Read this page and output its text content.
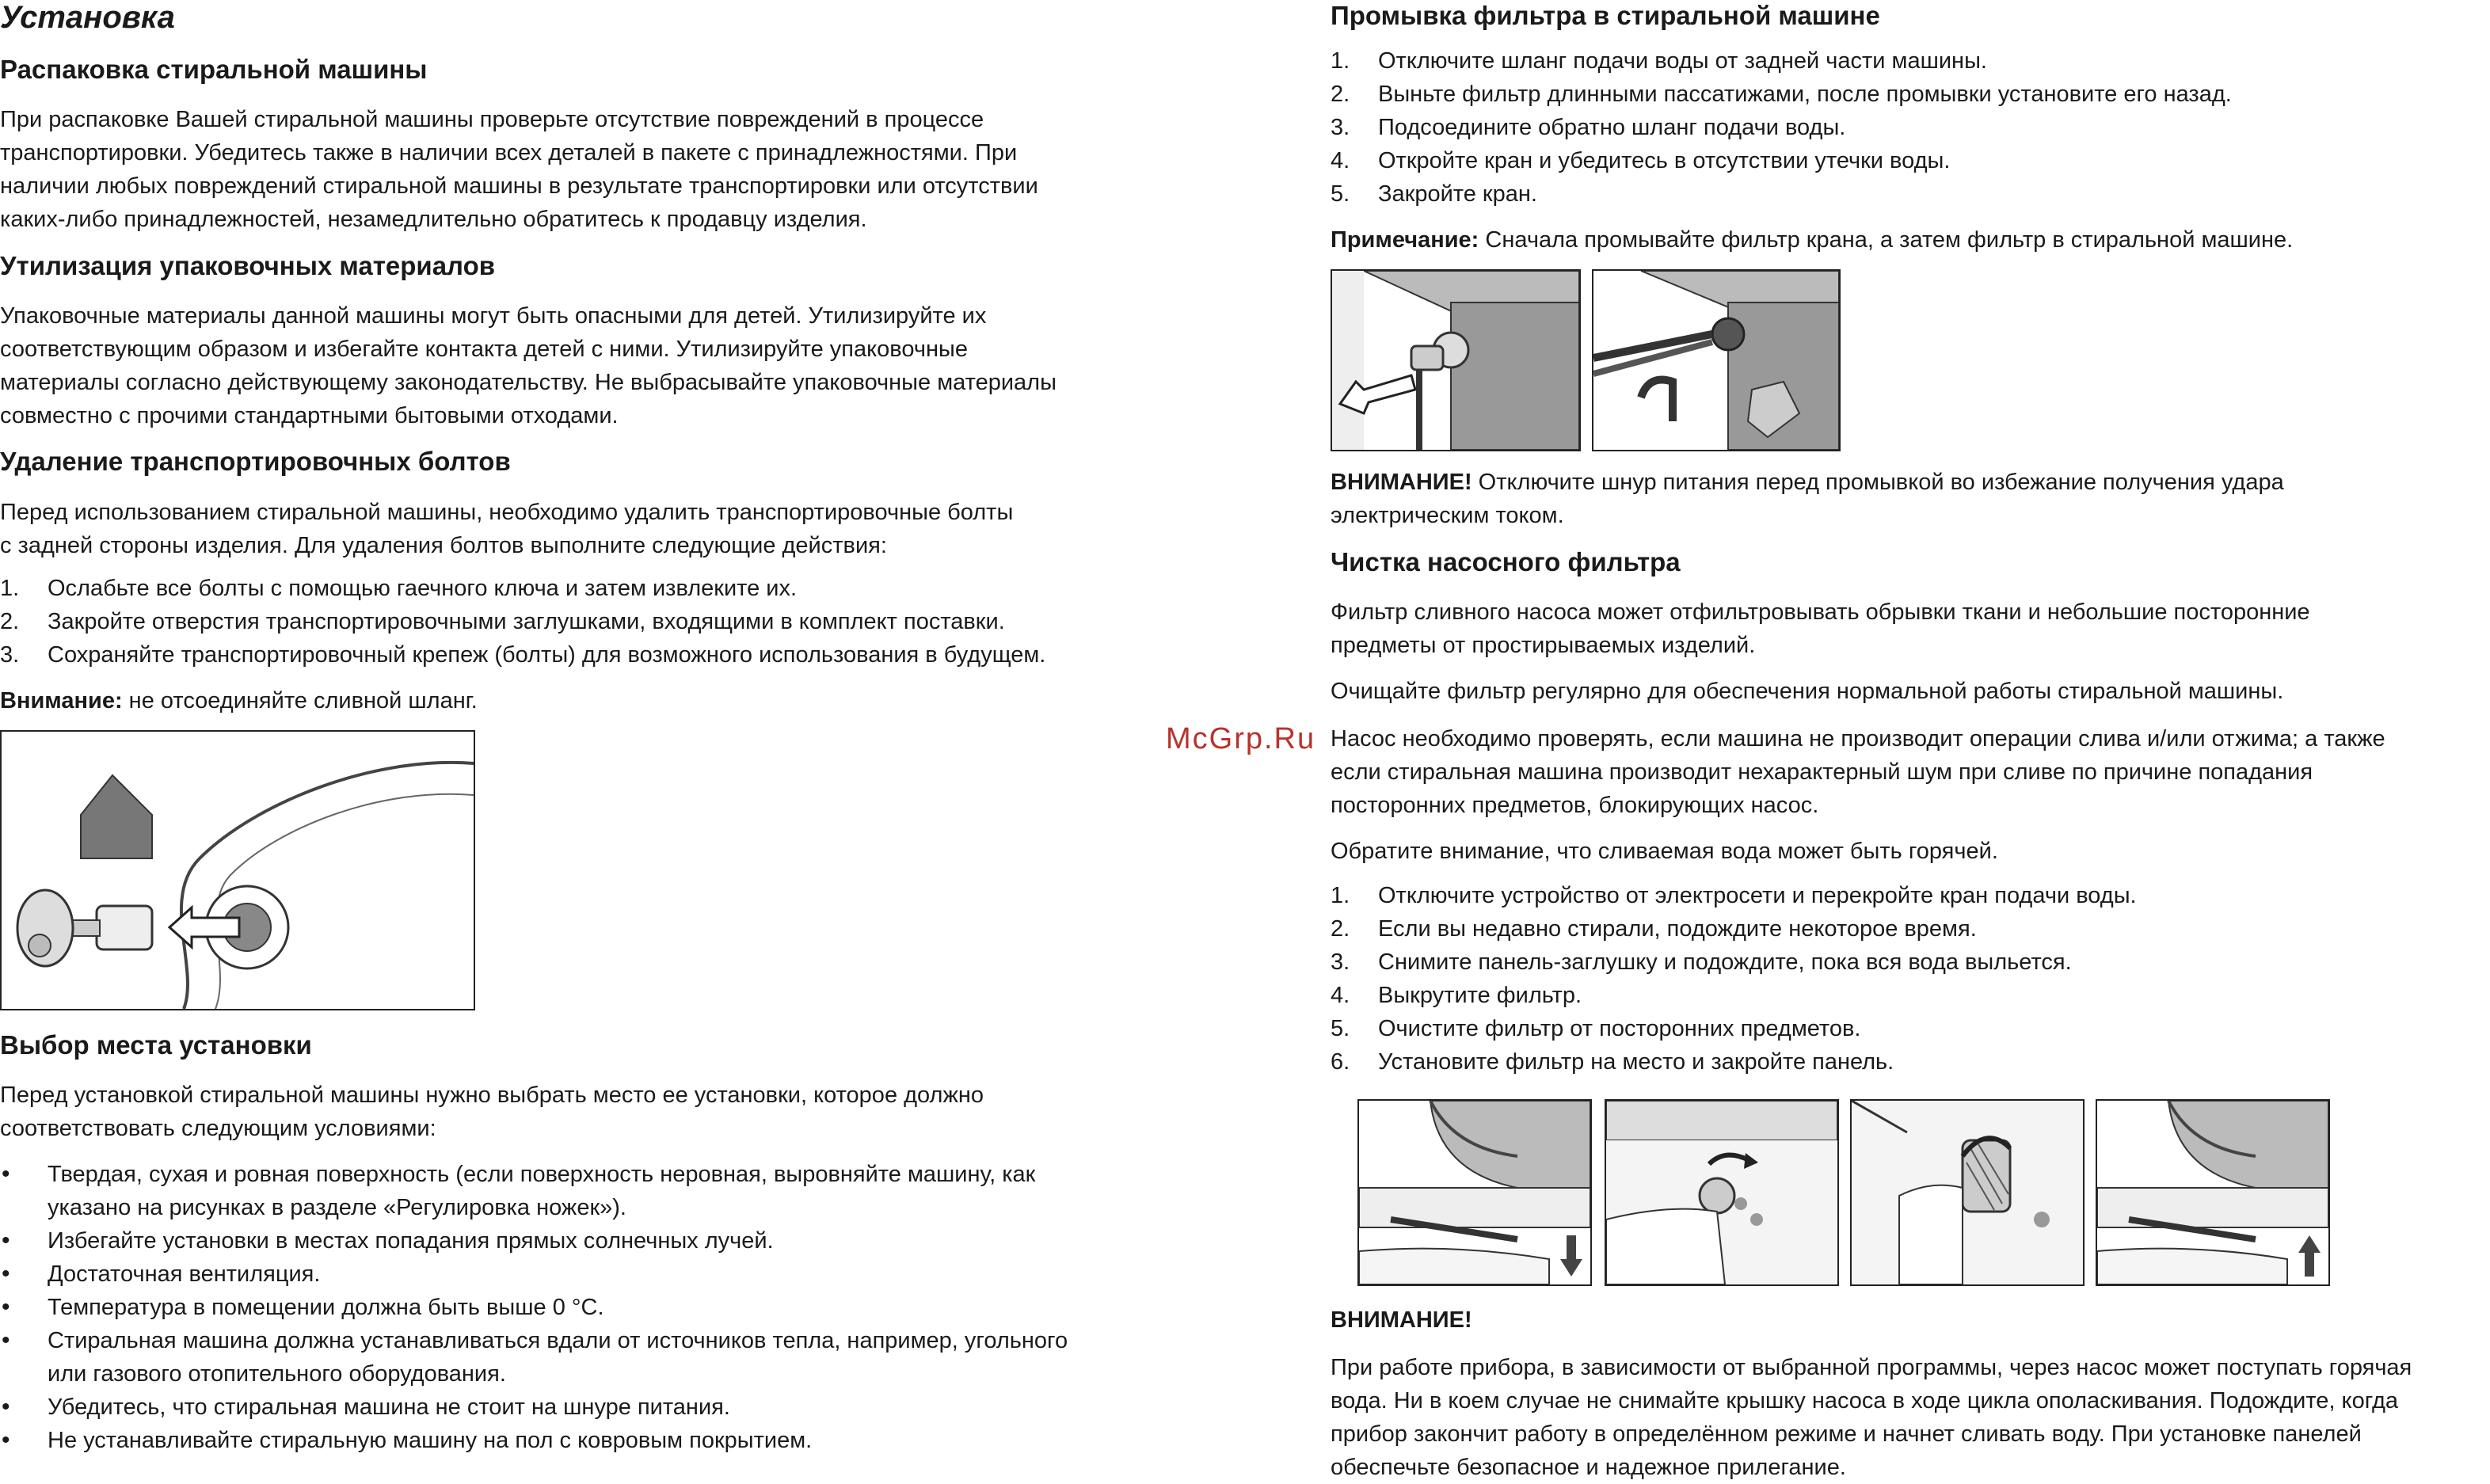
Установка
Распаковка стиральной машины

При распаковке Вашей стиральной машины проверьте отсутствие повреждений в процессе

транспортировки. Убедитесь также в наличии всех деталей в пакете с принадлежностями. При

наличии любых повреждений стиральной машины в результате транспортировки или отсутствии

каких-либо принадлежностей, незамедлительно обратитесь к продавцу изделия.

Утилизация упаковочных материалов

Упаковочные материалы данной машины могут быть опасными для детей. Утилизируйте их

соответствующим образом и избегайте контакта детей с ними. Утилизируйте упаковочные

материалы согласно действующему законодательству. Не выбрасывайте упаковочные материалы

совместно с прочими стандартными бытовыми отходами.

Удаление транспортировочных болтов

Перед использованием стиральной машины, необходимо удалить транспортировочные болты

с задней стороны изделия. Для удаления болтов выполните следующие действия:

1. Ослабьте все болты с помощью гаечного ключа и затем извлеките их.
2. Закройте отверстия транспортировочными заглушками, входящими в комплект поставки.
3. Сохраняйте транспортировочный крепеж (болты) для возможного использования в будущем.

Внимание: не отсоединяйте сливной шланг.

Выбор места установки

Перед установкой стиральной машины нужно выбрать место ее установки, которое должно

соответствовать следующим условиями:

• Твердая, сухая и ровная поверхность (если поверхность неровная, выровняйте машину, как
указано на рисунках в разделе «Регулировка ножек»).
• Избегайте установки в местах попадания прямых солнечных лучей.
• Достаточная вентиляция.
• Температура в помещении должна быть выше 0 °С.
• Стиральная машина должна устанавливаться вдали от источников тепла, например, угольного
или газового отопительного оборудования.
• Убедитесь, что стиральная машина не стоит на шнуре питания.
• Не устанавливайте стиральную машину на пол с ковровым покрытием.
McGrp.Ru
Промывка фильтра в стиральной машине
1. Отключите шланг подачи воды от задней части машины.
2. Выньте фильтр длинными пассатижами, после промывки установите его назад.
3. Подсоедините обратно шланг подачи воды.
4. Откройте кран и убедитесь в отсутствии утечки воды.
5. Закройте кран.

Примечание: Сначала промывайте фильтр крана, а затем фильтр в стиральной машине.

ВНИМАНИЕ! Отключите шнур питания перед промывкой во избежание получения удара
электрическим током.

Чистка насосного фильтра

Фильтр сливного насоса может отфильтровывать обрывки ткани и небольшие посторонние

предметы от простирываемых изделий.

Очищайте фильтр регулярно для обеспечения нормальной работы стиральной машины.

Насос необходимо проверять, если машина не производит операции слива и/или отжима; а также

если стиральная машина производит нехарактерный шум при сливе по причине попадания

посторонних предметов, блокирующих насос.

Обратите внимание, что сливаемая вода может быть горячей.

1. Отключите устройство от электросети и перекройте кран подачи воды.
2. Если вы недавно стирали, подождите некоторое время.
3. Снимите панель-заглушку и подождите, пока вся вода выльется.
4. Выкрутите фильтр.
5. Очистите фильтр от посторонних предметов.
6. Установите фильтр на место и закройте панель.

ВНИМАНИЕ!

При работе прибора, в зависимости от выбранной программы, через насос может поступать горячая

вода. Ни в коем случае не снимайте крышку насоса в ходе цикла ополаскивания. Подождите, когда

прибор закончит работу в определённом режиме и начнет сливать воду. При установке панелей

обеспечьте безопасное и надежное прилегание.
